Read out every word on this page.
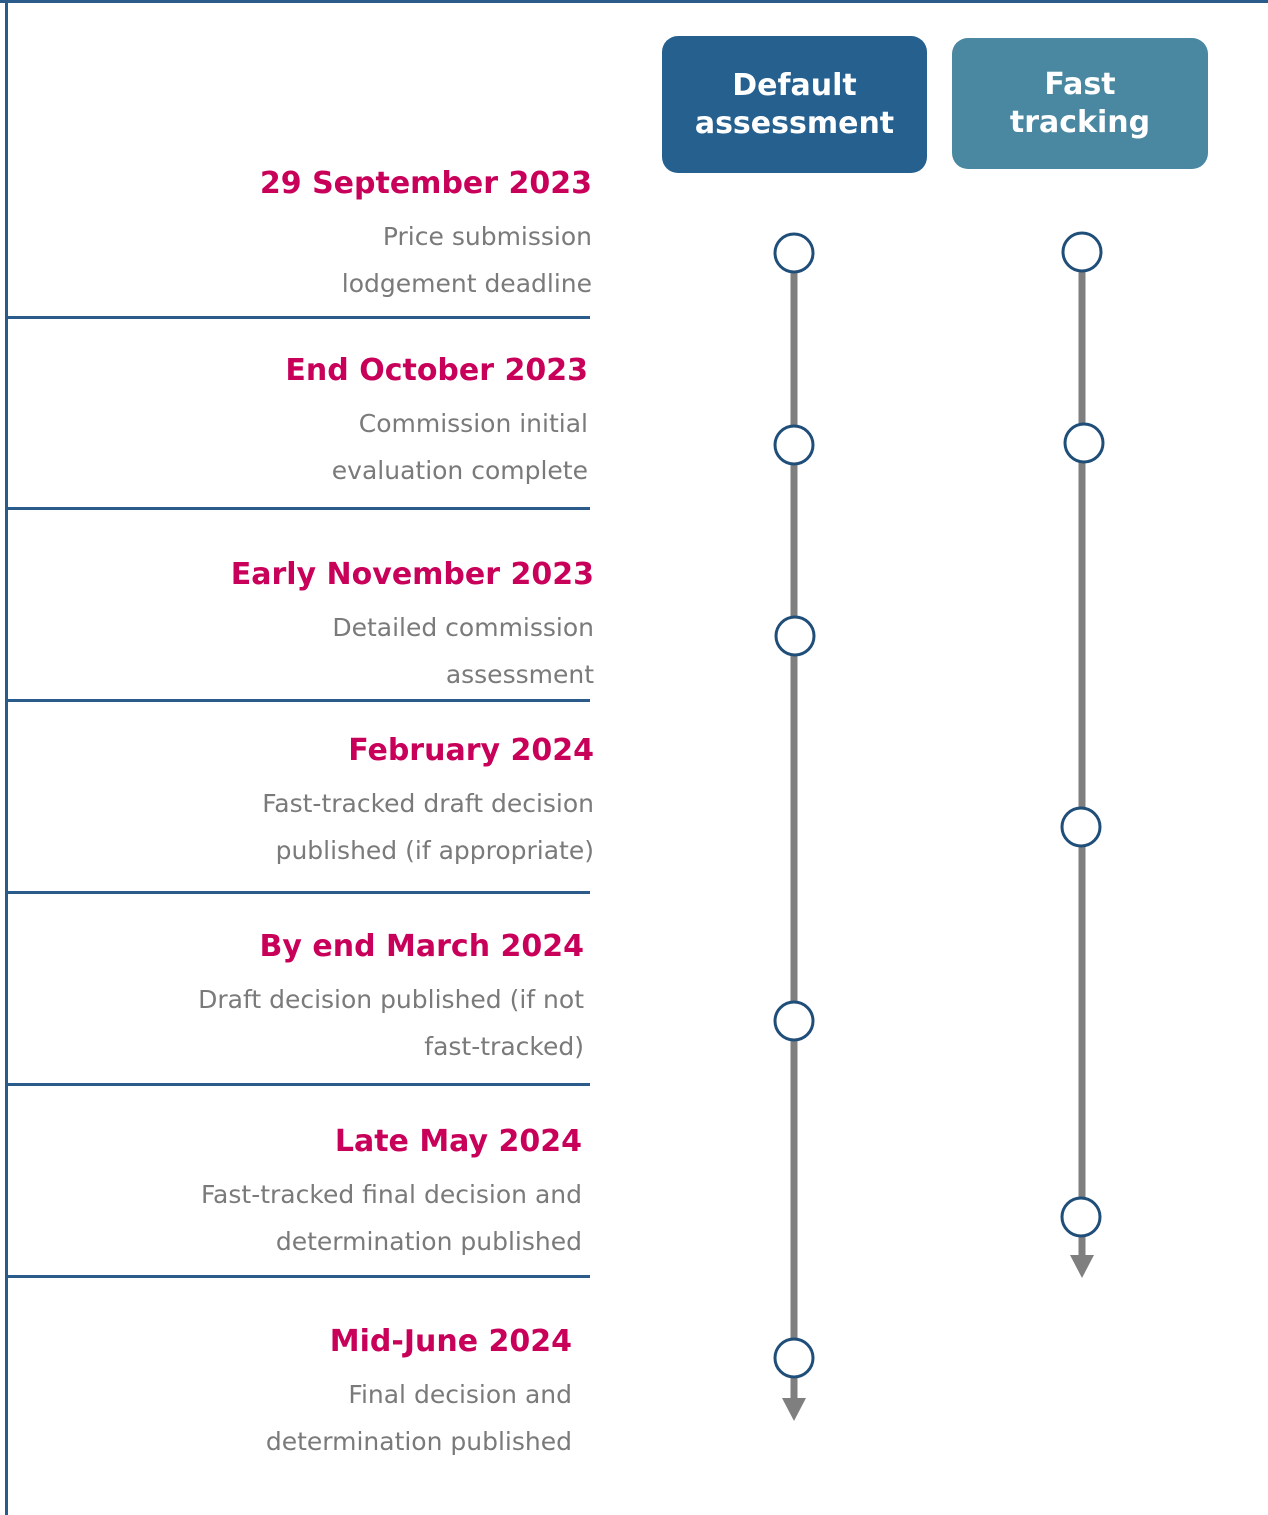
Default
assessment
Fast
tracking
29 September 2023
Price submission
lodgement deadline
End October 2023
Commission initial
evaluation complete
Early November 2023
Detailed commission
assessment
February 2024
Fast-tracked draft decision
published (if appropriate)
By end March 2024
Draft decision published (if not
fast-tracked)
Late May 2024
Fast-tracked final decision and
determination published
Mid-June 2024
Final decision and
determination published
